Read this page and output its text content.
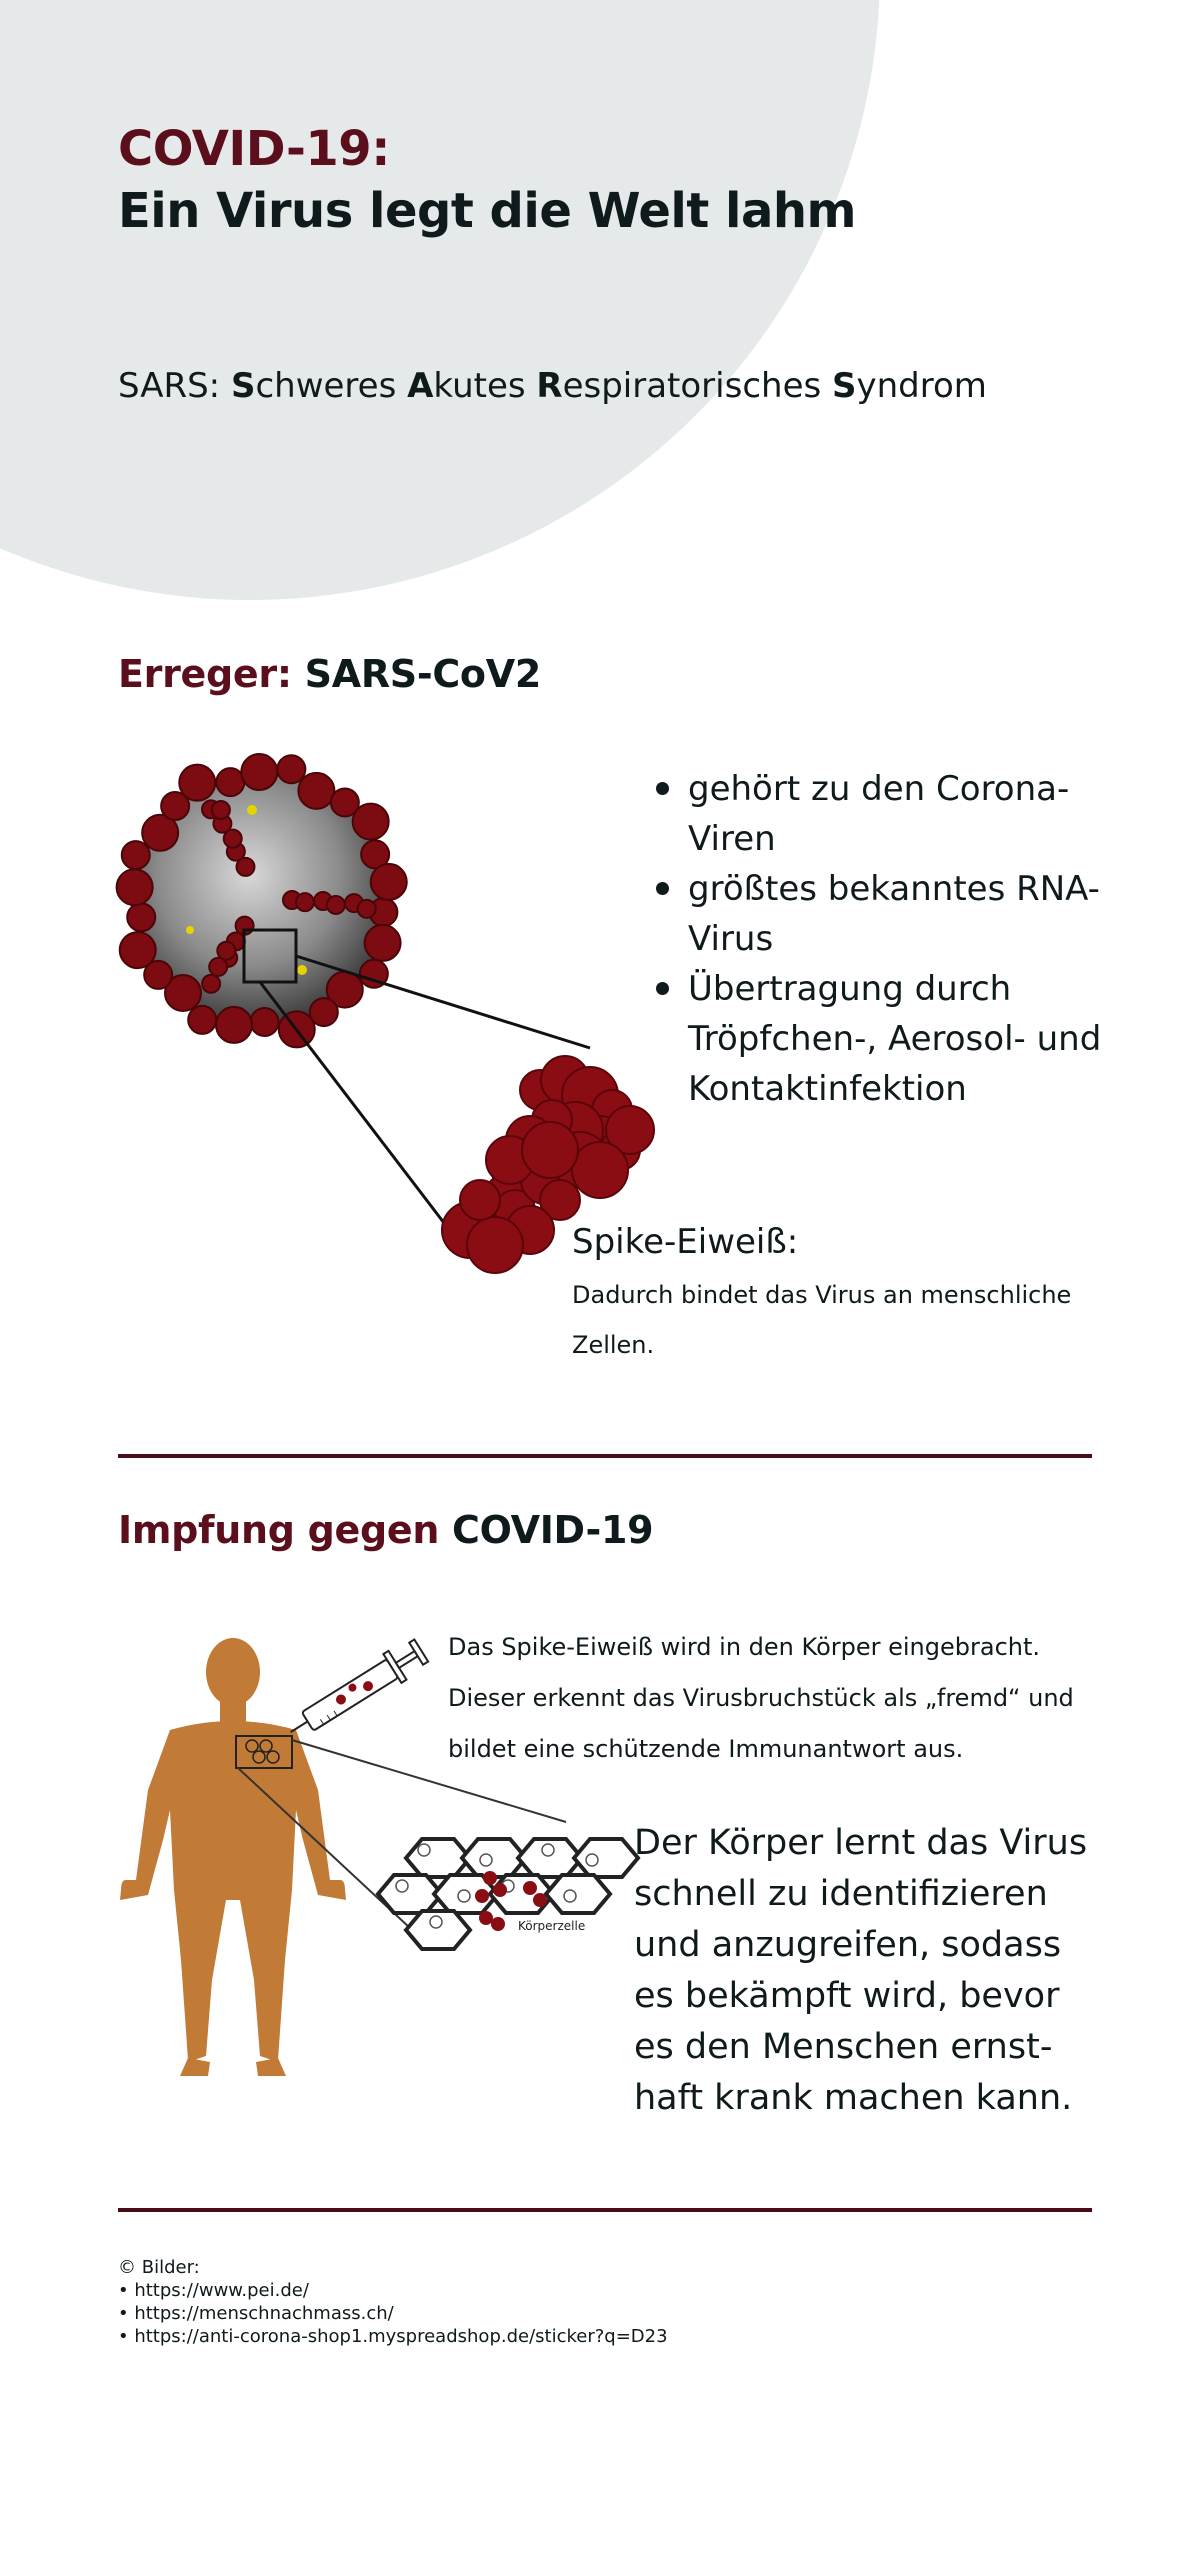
COVID-19:
Ein Virus legt die Welt lahm
SARS: Schweres Akutes Respiratorisches Syndrom
Erreger: SARS-CoV2
gehört zu den Corona-Viren
größtes bekanntes RNA-Virus
Übertragung durch Tröpfchen-, Aerosol- und Kontaktinfektion
Spike-Eiweiß:
Dadurch bindet das Virus an menschliche Zellen.
Impfung gegen COVID-19
Das Spike-Eiweiß wird in den Körper eingebracht. Dieser erkennt das Virusbruchstück als „fremd“ und bildet eine schützende Immunantwort aus.
Körperzelle
Der Körper lernt das Virus schnell zu identifizieren und anzugreifen, sodass es bekämpft wird, bevor es den Menschen ernst-haft krank machen kann.
© Bilder:
• https://www.pei.de/
• https://menschnachmass.ch/
• https://anti-corona-shop1.myspreadshop.de/sticker?q=D23
